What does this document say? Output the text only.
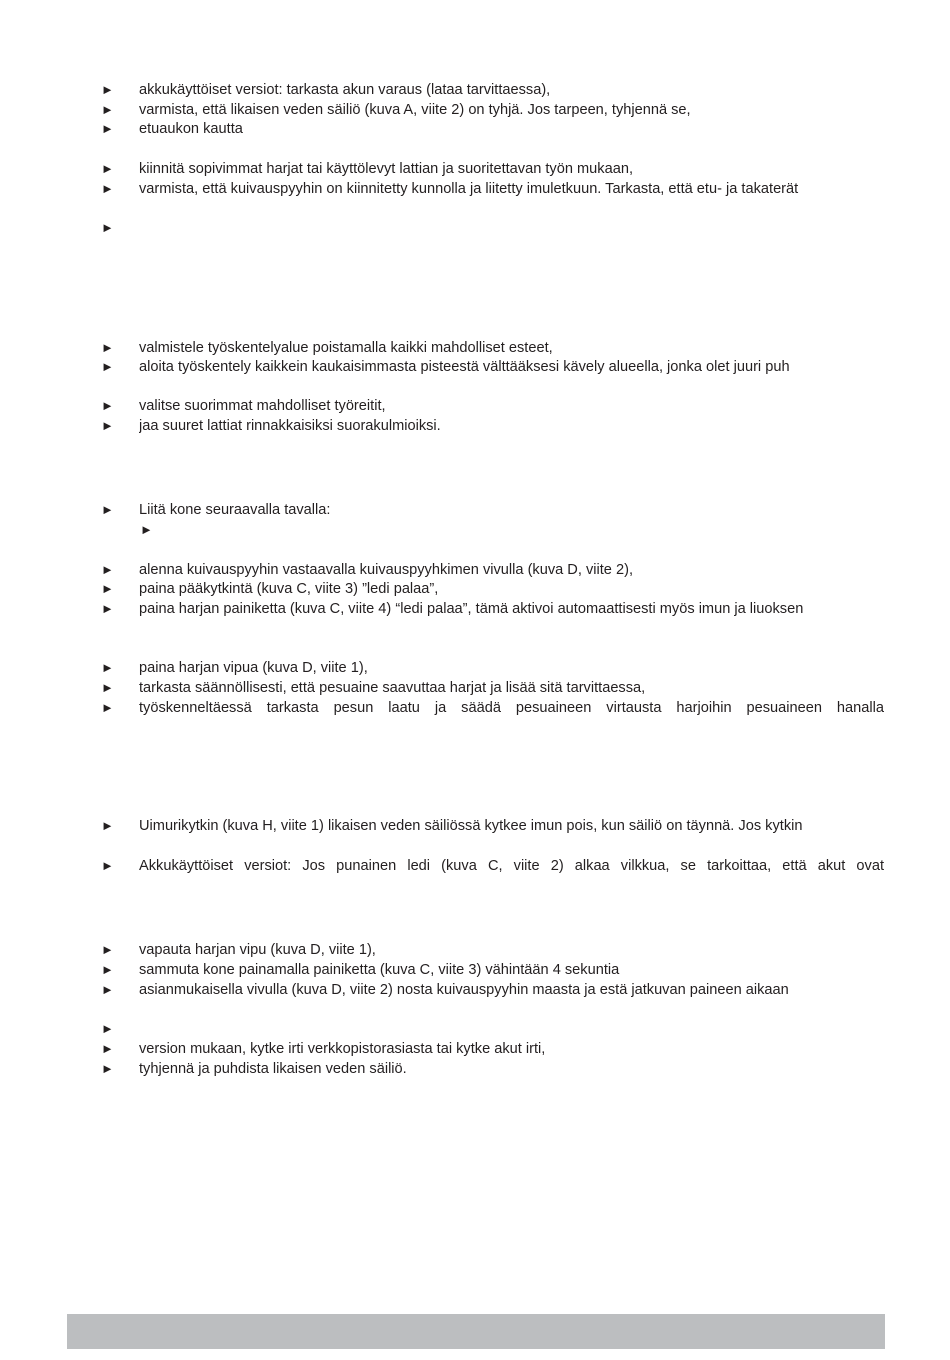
► akkukäyttöiset versiot: tarkasta akun varaus (lataa tarvittaessa),
► varmista, että likaisen veden säiliö (kuva A, viite 2) on tyhjä. Jos tarpeen, tyhjennä se,
► etuaukon kautta
► kiinnitä sopivimmat harjat tai käyttölevyt lattian ja suoritettavan työn mukaan,
► varmista, että kuivauspyyhin on kiinnitetty kunnolla ja liitetty imuletkuun. Tarkasta, että etu- ja takaterät
►
► valmistele työskentelyalue poistamalla kaikki mahdolliset esteet,
► aloita työskentely kaikkein kaukaisimmasta pisteestä välttääksesi kävely alueella, jonka olet juuri puh
► valitse suorimmat mahdolliset työreitit,
► jaa suuret lattiat rinnakkaisiksi suorakulmioiksi.
► Liitä kone seuraavalla tavalla:
►
► alenna kuivauspyyhin vastaavalla kuivauspyyhkimen vivulla (kuva D, viite 2),
► paina pääkytkintä (kuva C, viite 3) ”ledi palaa”,
► paina harjan painiketta (kuva C, viite 4) “ledi palaa”, tämä aktivoi automaattisesti myös imun ja liuoksen
► paina harjan vipua (kuva D, viite 1),
► tarkasta säännöllisesti, että pesuaine saavuttaa harjat ja lisää sitä tarvittaessa,
► työskenneltäessä tarkasta pesun laatu ja säädä pesuaineen virtausta harjoihin pesuaineen hanalla
► Uimurikytkin (kuva H, viite 1) likaisen veden säiliössä kytkee imun pois, kun säiliö on täynnä. Jos kytkin
► Akkukäyttöiset versiot: Jos punainen ledi (kuva C, viite 2) alkaa vilkkua, se tarkoittaa, että akut ovat
► vapauta harjan vipu (kuva D, viite 1),
► sammuta kone painamalla painiketta (kuva C, viite 3) vähintään 4 sekuntia
► asianmukaisella vivulla (kuva D, viite 2) nosta kuivauspyyhin maasta ja estä jatkuvan paineen aikaan
►
► version mukaan, kytke irti verkkopistorasiasta tai kytke akut irti,
► tyhjennä ja puhdista likaisen veden säiliö.
